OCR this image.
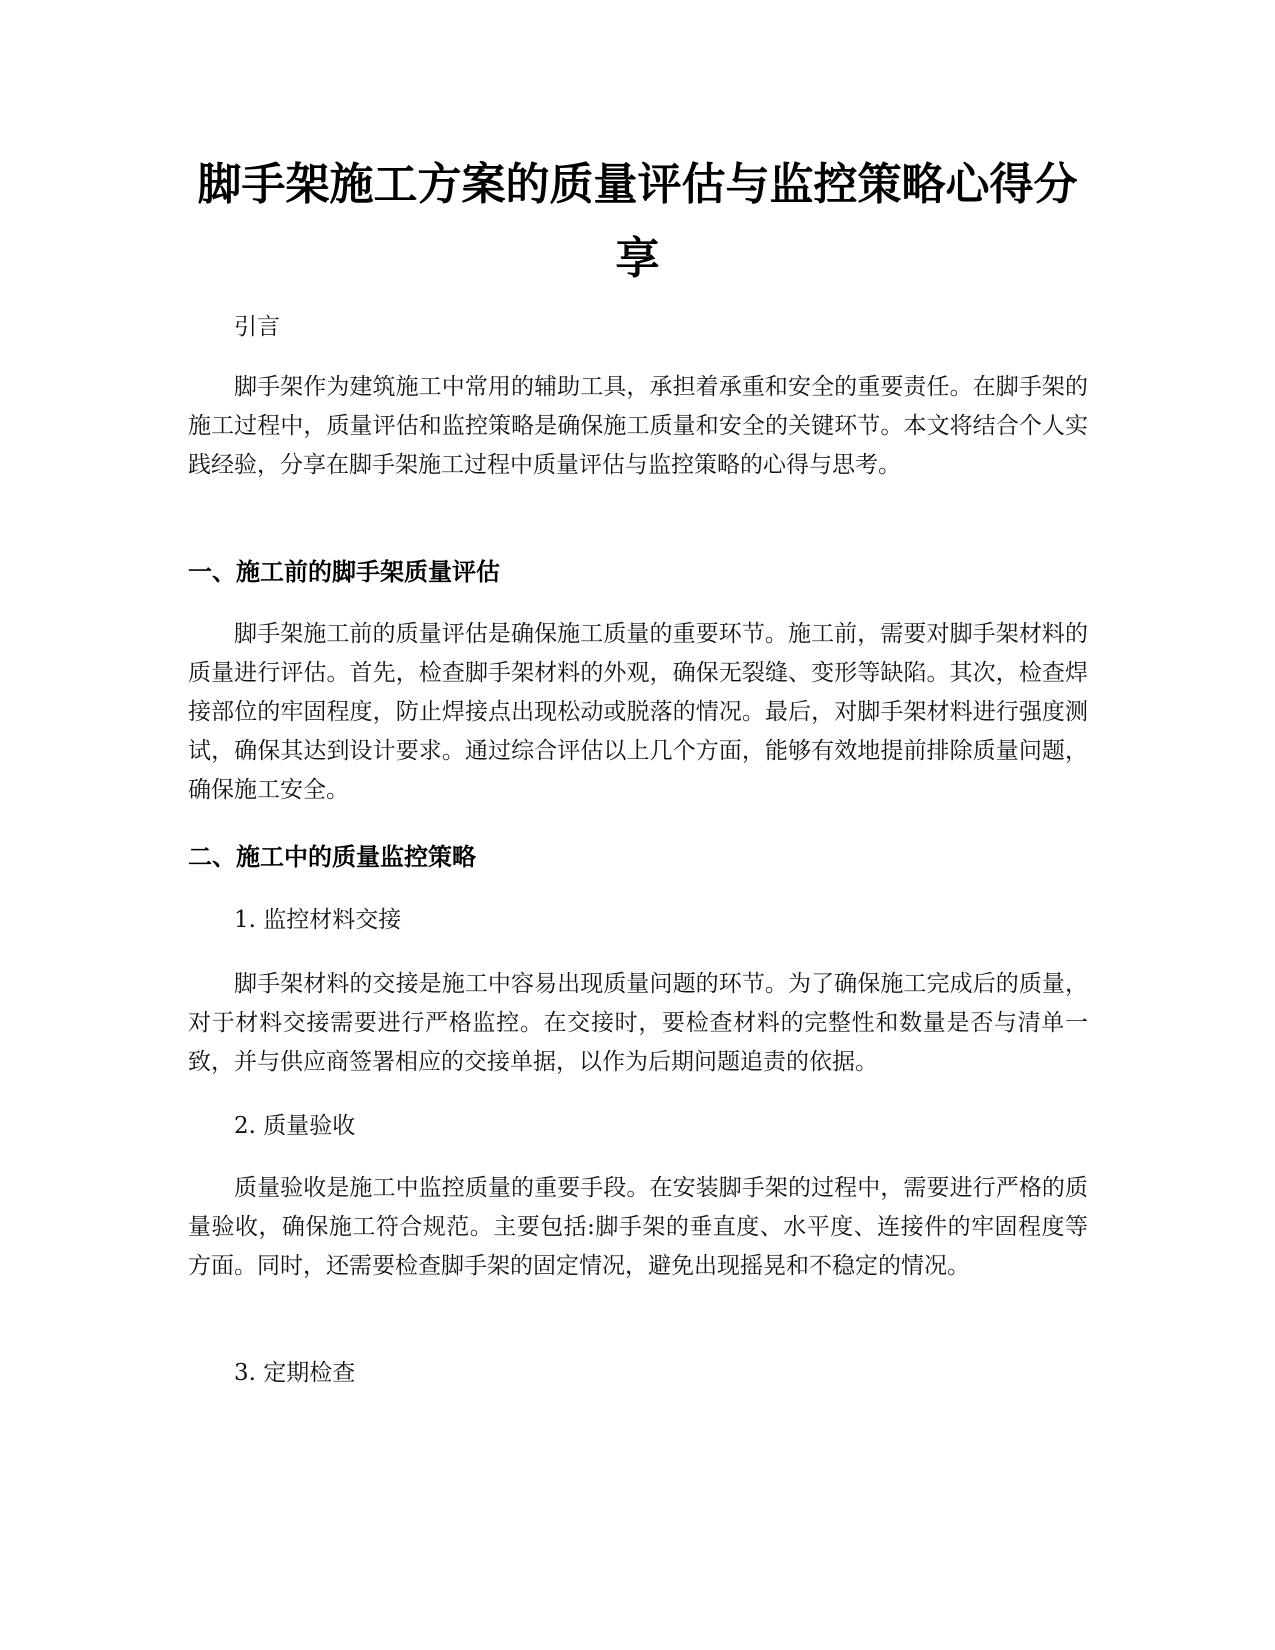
脚手架施工方案的质量评估与监控策略心得分享

引言

脚手架作为建筑施工中常用的辅助工具，承担着承重和安全的重要责任。在脚手架的施工过程中，质量评估和监控策略是确保施工质量和安全的关键环节。本文将结合个人实践经验，分享在脚手架施工过程中质量评估与监控策略的心得与思考。

一、施工前的脚手架质量评估

脚手架施工前的质量评估是确保施工质量的重要环节。施工前，需要对脚手架材料的质量进行评估。首先，检查脚手架材料的外观，确保无裂缝、变形等缺陷。其次，检查焊接部位的牢固程度，防止焊接点出现松动或脱落的情况。最后，对脚手架材料进行强度测试，确保其达到设计要求。通过综合评估以上几个方面，能够有效地提前排除质量问题，确保施工安全。

二、施工中的质量监控策略

1. 监控材料交接

脚手架材料的交接是施工中容易出现质量问题的环节。为了确保施工完成后的质量，对于材料交接需要进行严格监控。在交接时，要检查材料的完整性和数量是否与清单一致，并与供应商签署相应的交接单据，以作为后期问题追责的依据。

2. 质量验收

质量验收是施工中监控质量的重要手段。在安装脚手架的过程中，需要进行严格的质量验收，确保施工符合规范。主要包括:脚手架的垂直度、水平度、连接件的牢固程度等方面。同时，还需要检查脚手架的固定情况，避免出现摇晃和不稳定的情况。

3. 定期检查
